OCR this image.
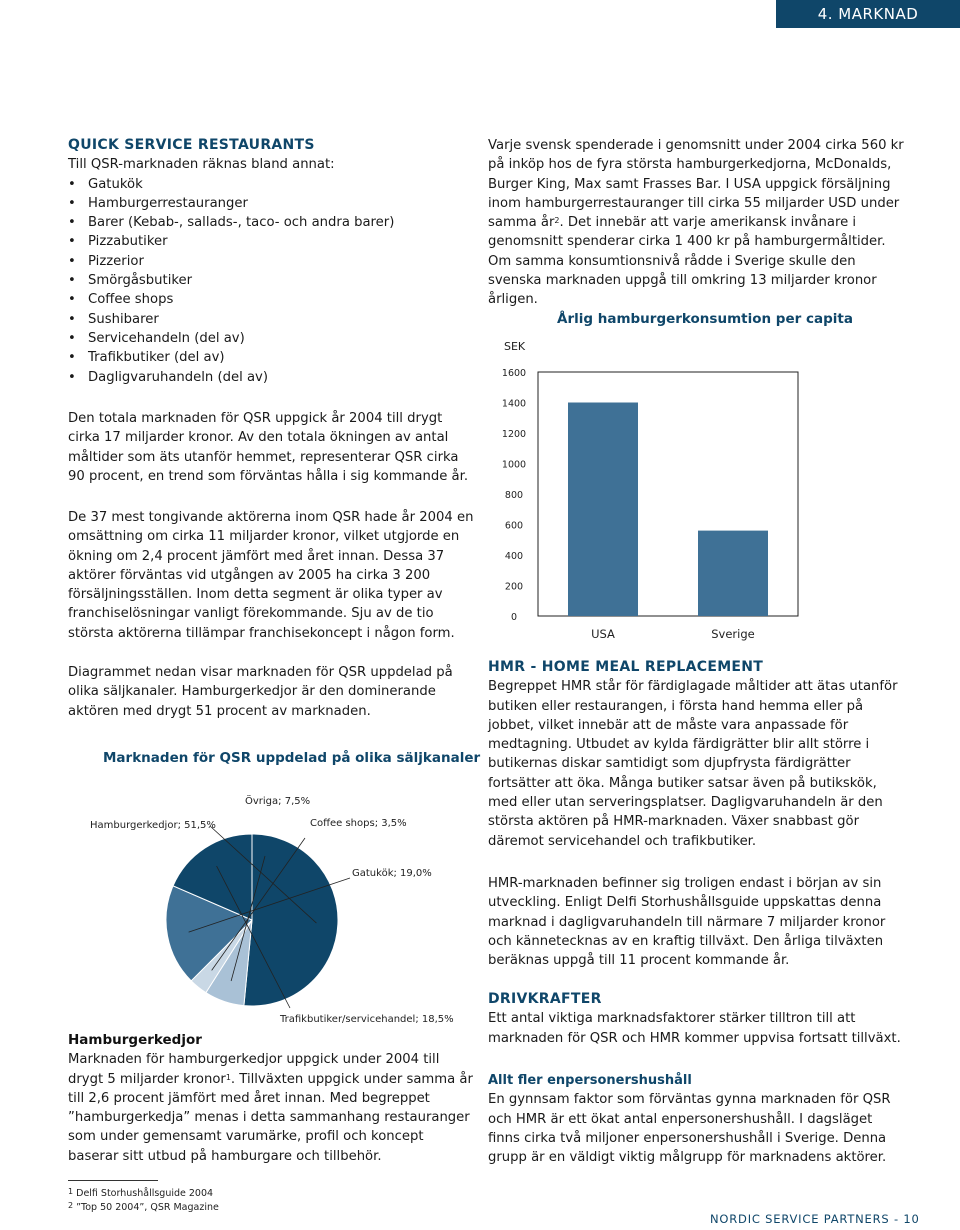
4. MARKNAD
QUICK SERVICE RESTAURANTS

Till QSR-marknaden räknas bland annat:

• Gatukök
• Hamburgerrestauranger
• Barer (Kebab-, sallads-, taco- och andra barer)
• Pizzabutiker
• Pizzerior
• Smörgåsbutiker
• Coffee shops
• Sushibarer
• Servicehandeln (del av)
• Trafikbutiker (del av)
• Dagligvaruhandeln (del av)

Den totala marknaden för QSR uppgick år 2004 till drygt cirka 17 miljarder kronor. Av den totala ökningen av antal måltider som äts utanför hemmet, representerar QSR cirka 90 procent, en trend som förväntas hålla i sig kommande år.

De 37 mest tongivande aktörerna inom QSR hade år 2004 en omsättning om cirka 11 miljarder kronor, vilket utgjorde en ökning om 2,4 procent jämfört med året innan. Dessa 37 aktörer förväntas vid utgången av 2005 ha cirka 3 200 försäljningsställen. Inom detta segment är olika typer av franchiselösningar vanligt förekommande. Sju av de tio största aktörerna tillämpar franchisekoncept i någon form.

Diagrammet nedan visar marknaden för QSR uppdelad på olika säljkanaler. Hamburgerkedjor är den dominerande aktören med drygt 51 procent av marknaden.

Marknaden för QSR uppdelad på olika säljkanaler
Hamburgerkedjor; 51,5%
Övriga; 7,5%
Coffee shops; 3,5%
Gatukök; 19,0%
Trafikbutiker/servicehandel; 18,5%
Hamburgerkedjor

Marknaden för hamburgerkedjor uppgick under 2004 till drygt 5 miljarder kronor$^1$. Tillväxten uppgick under samma år till 2,6 procent jämfört med året innan. Med begreppet ”hamburgerkedja” menas i detta sammanhang restauranger som under gemensamt varumärke, profil och koncept baserar sitt utbud på hamburgare och tillbehör.

$^1$ Delfi Storhushållsguide 2004
$^2$ ”Top 50 2004”, QSR Magazine

Varje svensk spenderade i genomsnitt under 2004 cirka 560 kr på inköp hos de fyra största hamburgerkedjorna, McDonalds, Burger King, Max samt Frasses Bar. I USA uppgick försäljning inom hamburgerrestauranger till cirka 55 miljarder USD under samma $år^2$. Det innebär att varje amerikansk invånare i genomsnitt spenderar cirka 1 400 kr på hamburgermåltider. Om samma konsumtionsnivå rådde i Sverige skulle den svenska marknaden uppgå till omkring 13 miljarder kronor årligen.

Årlig hamburgerkonsumtion per capita
SEK
0
200
400
600
800
1000
1200
1400
1600
USA	Sverige
HMR - HOME MEAL REPLACEMENT

Begreppet HMR står för färdiglagade måltider att ätas utanför butiken eller restaurangen, i första hand hemma eller på jobbet, vilket innebär att de måste vara anpassade för medtagning. Utbudet av kylda färdigrätter blir allt större i butikernas diskar samtidigt som djupfrysta färdigrätter fortsätter att öka. Många butiker satsar även på butikskök, med eller utan serveringsplatser. Dagligvaruhandeln är den största aktören på HMR-marknaden. Växer snabbast gör däremot servicehandel och trafikbutiker.

HMR-marknaden befinner sig troligen endast i början av sin utveckling. Enligt Delfi Storhushållsguide uppskattas denna marknad i dagligvaruhandeln till närmare 7 miljarder kronor och kännetecknas av en kraftig tillväxt. Den årliga tilväxten beräknas uppgå till 11 procent kommande år.

DRIVKRAFTER

Ett antal viktiga marknadsfaktorer stärker tilltron till att marknaden för QSR och HMR kommer uppvisa fortsatt tillväxt.

Allt fler enpersonershushåll

En gynnsam faktor som förväntas gynna marknaden för QSR och HMR är ett ökat antal enpersonershushåll. I dagsläget finns cirka två miljoner enpersonershushåll i Sverige. Denna grupp är en väldigt viktig målgrupp för marknadens aktörer.

NORDIC SERVICE PARTNERS - 10
